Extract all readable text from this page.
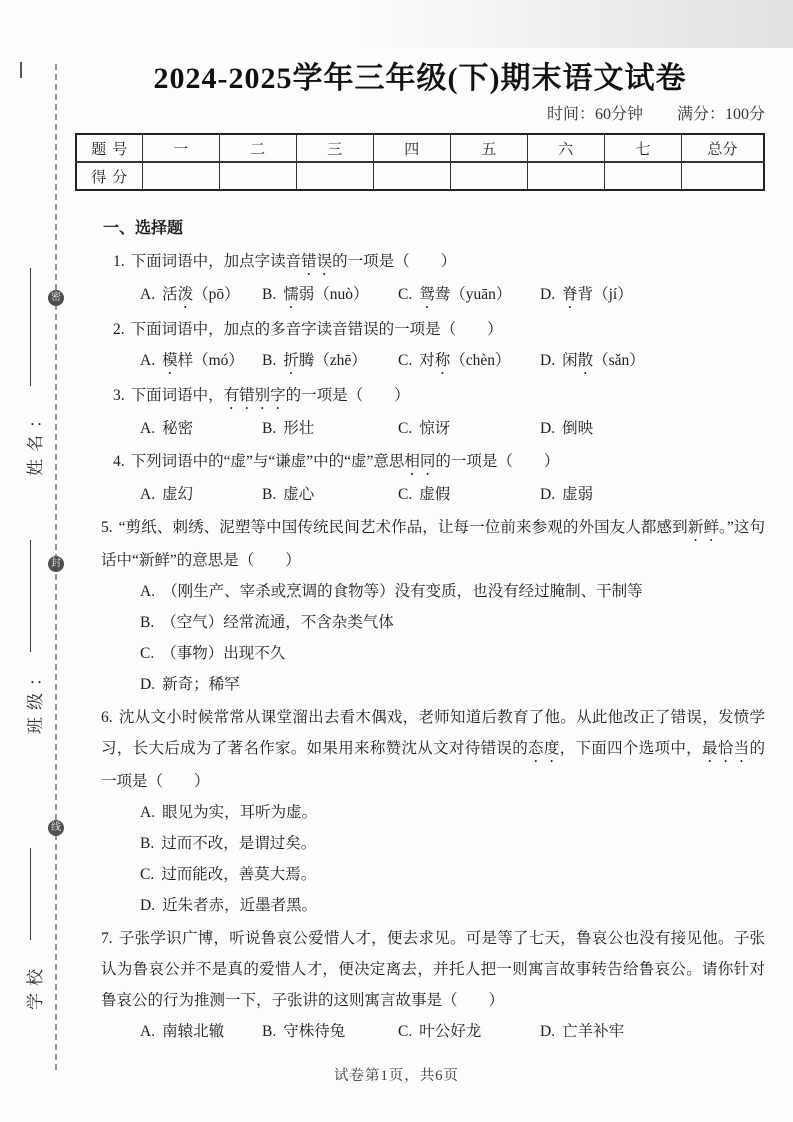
密
封
线
姓名：
班级：
学校
2024-2025学年三年级(下)期末语文试卷
时间：60分钟 满分：100分
题号	一	二	三	四	五	六	七	总分
得分								
一、选择题

1. 下面词语中，加点字读音错误的一项是（　　）

A. 活泼（pō）	B. 懦弱（nuò）	C. 鸳鸯（yuān）	D. 脊背（jí）

2. 下面词语中，加点的多音字读音错误的一项是（　　）

A. 模样（mó）	B. 折腾（zhē）	C. 对称（chèn）	D. 闲散（sǎn）

3. 下面词语中，有错别字的一项是（　　）

A. 秘密	B. 形壮	C. 惊讶	D. 倒映

4. 下列词语中的“虚”与“谦虚”中的“虚”意思相同的一项是（　　）

A. 虚幻	B. 虚心	C. 虚假	D. 虚弱

5. “剪纸、刺绣、泥塑等中国传统民间艺术作品，让每一位前来参观的外国友人都感到新鲜。”这句话中“新鲜”的意思是（　　）

A. （刚生产、宰杀或烹调的食物等）没有变质，也没有经过腌制、干制等
B. （空气）经常流通，不含杂类气体
C. （事物）出现不久
D. 新奇；稀罕

6. 沈从文小时候常常从课堂溜出去看木偶戏，老师知道后教育了他。从此他改正了错误，发愤学习，长大后成为了著名作家。如果用来称赞沈从文对待错误的态度，下面四个选项中，最恰当的一项是（　　）

A. 眼见为实，耳听为虚。
B. 过而不改，是谓过矣。
C. 过而能改，善莫大焉。
D. 近朱者赤，近墨者黑。

7. 子张学识广博，听说鲁哀公爱惜人才，便去求见。可是等了七天，鲁哀公也没有接见他。子张认为鲁哀公并不是真的爱惜人才，便决定离去，并托人把一则寓言故事转告给鲁哀公。请你针对鲁哀公的行为推测一下，子张讲的这则寓言故事是（　　）

A. 南辕北辙	B. 守株待兔	C. 叶公好龙	D. 亡羊补牢
试卷第1页，共6页
